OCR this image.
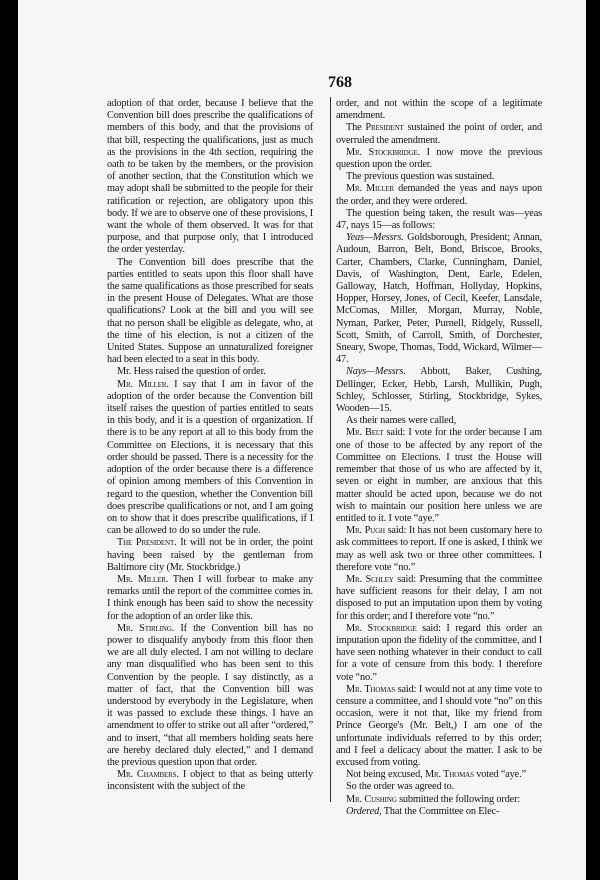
768

adoption of that order, because I believe that the Convention bill does prescribe the qualifications of members of this body, and that the provisions of that bill, respecting the qualifications, just as much as the provisions in the 4th section, requiring the oath to be taken by the members, or the provision of another section, that the Constitution which we may adopt shall be submitted to the people for their ratification or rejection, are obligatory upon this body. If we are to observe one of these provisions, I want the whole of them observed. It was for that purpose, and that purpose only, that I introduced the order yesterday.

The Convention bill does prescribe that the parties entitled to seats upon this floor shall have the same qualifications as those prescribed for seats in the present House of Delegates. What are those qualifications? Look at the bill and you will see that no person shall be eligible as delegate, who, at the time of his election, is not a citizen of the United States. Suppose an unnaturalized foreigner had been elected to a seat in this body.

Mr. Hess raised the question of order.

Mr. Miller. I say that I am in favor of the adoption of the order because the Convention bill itself raises the question of parties entitled to seats in this body, and it is a question of organization. If there is to be any report at all to this body from the Committee on Elections, it is necessary that this order should be passed. There is a necessity for the adoption of the order because there is a difference of opinion among members of this Convention in regard to the question, whether the Convention bill does prescribe qualifications or not, and I am going on to show that it does prescribe qualifications, if I can be allowed to do so under the rule.

The President. It will not be in order, the point having been raised by the gentleman from Baltimore city (Mr. Stockbridge.)

Mr. Miller. Then I will forbear to make any remarks until the report of the committee comes in. I think enough has been said to show the necessity for the adoption of an order like this.

Mr. Stirling. If the Convention bill has no power to disqualify anybody from this floor then we are all duly elected. I am not willing to declare any man disqualified who has been sent to this Convention by the people. I say distinctly, as a matter of fact, that the Convention bill was understood by everybody in the Legislature, when it was passed to exclude these things. I have an amendment to offer to strike out all after “ordered,” and to insert, “that all members holding seats here are hereby declared duly elected,” and I demand the previous question upon that order.

Mr. Chambers. I object to that as being utterly inconsistent with the subject of the

order, and not within the scope of a legitimate amendment.

The President sustained the point of order, and overruled the amendment.

Mr. Stockbridge. I now move the previous question upon the order.

The previous question was sustained.

Mr. Miller demanded the yeas and nays upon the order, and they were ordered.

The question being taken, the result was—yeas 47, nays 15—as follows:

Yeas—Messrs. Goldsborough, President; Annan, Audoun, Barron, Belt, Bond, Briscoe, Brooks, Carter, Chambers, Clarke, Cunningham, Daniel, Davis, of Washington, Dent, Earle, Edelen, Galloway, Hatch, Hoffman, Hollyday, Hopkins, Hopper, Horsey, Jones, of Cecil, Keefer, Lansdale, McComas, Miller, Morgan, Murray, Noble, Nyman, Parker, Peter, Purnell, Ridgely, Russell, Scott, Smith, of Carroll, Smith, of Dorchester, Sneary, Swope, Thomas, Todd, Wickard, Wilmer—47.

Nays—Messrs. Abbott, Baker, Cushing, Dellinger, Ecker, Hebb, Larsh, Mullikin, Pugh, Schley, Schlosser, Stirling, Stockbridge, Sykes, Wooden—15.

As their names were called,

Mr. Belt said: I vote for the order because I am one of those to be affected by any report of the Committee on Elections. I trust the House will remember that those of us who are affected by it, seven or eight in number, are anxious that this matter should be acted upon, because we do not wish to maintain our position here unless we are entitled to it. I vote “aye.”

Mr. Pugh said: It has not been customary here to ask committees to report. If one is asked, I think we may as well ask two or three other committees. I therefore vote “no.”

Mr. Schley said: Presuming that the committee have sufficient reasons for their delay, I am not disposed to put an imputation upon them by voting for this order; and I therefore vote “no.”

Mr. Stockbridge said: I regard this order an imputation upon the fidelity of the committee, and I have seen nothing whatever in their conduct to call for a vote of censure from this body. I therefore vote “no.”

Mr. Thomas said: I would not at any time vote to censure a committee, and I should vote “no” on this occasion, were it not that, like my friend from Prince George's (Mr. Belt,) I am one of the unfortunate individuals referred to by this order; and I feel a delicacy about the matter. I ask to be excused from voting.

Not being excused, Mr. Thomas voted “aye.”

So the order was agreed to.

Mr. Cushing submitted the following order:

Ordered, That the Committee on Elec-
